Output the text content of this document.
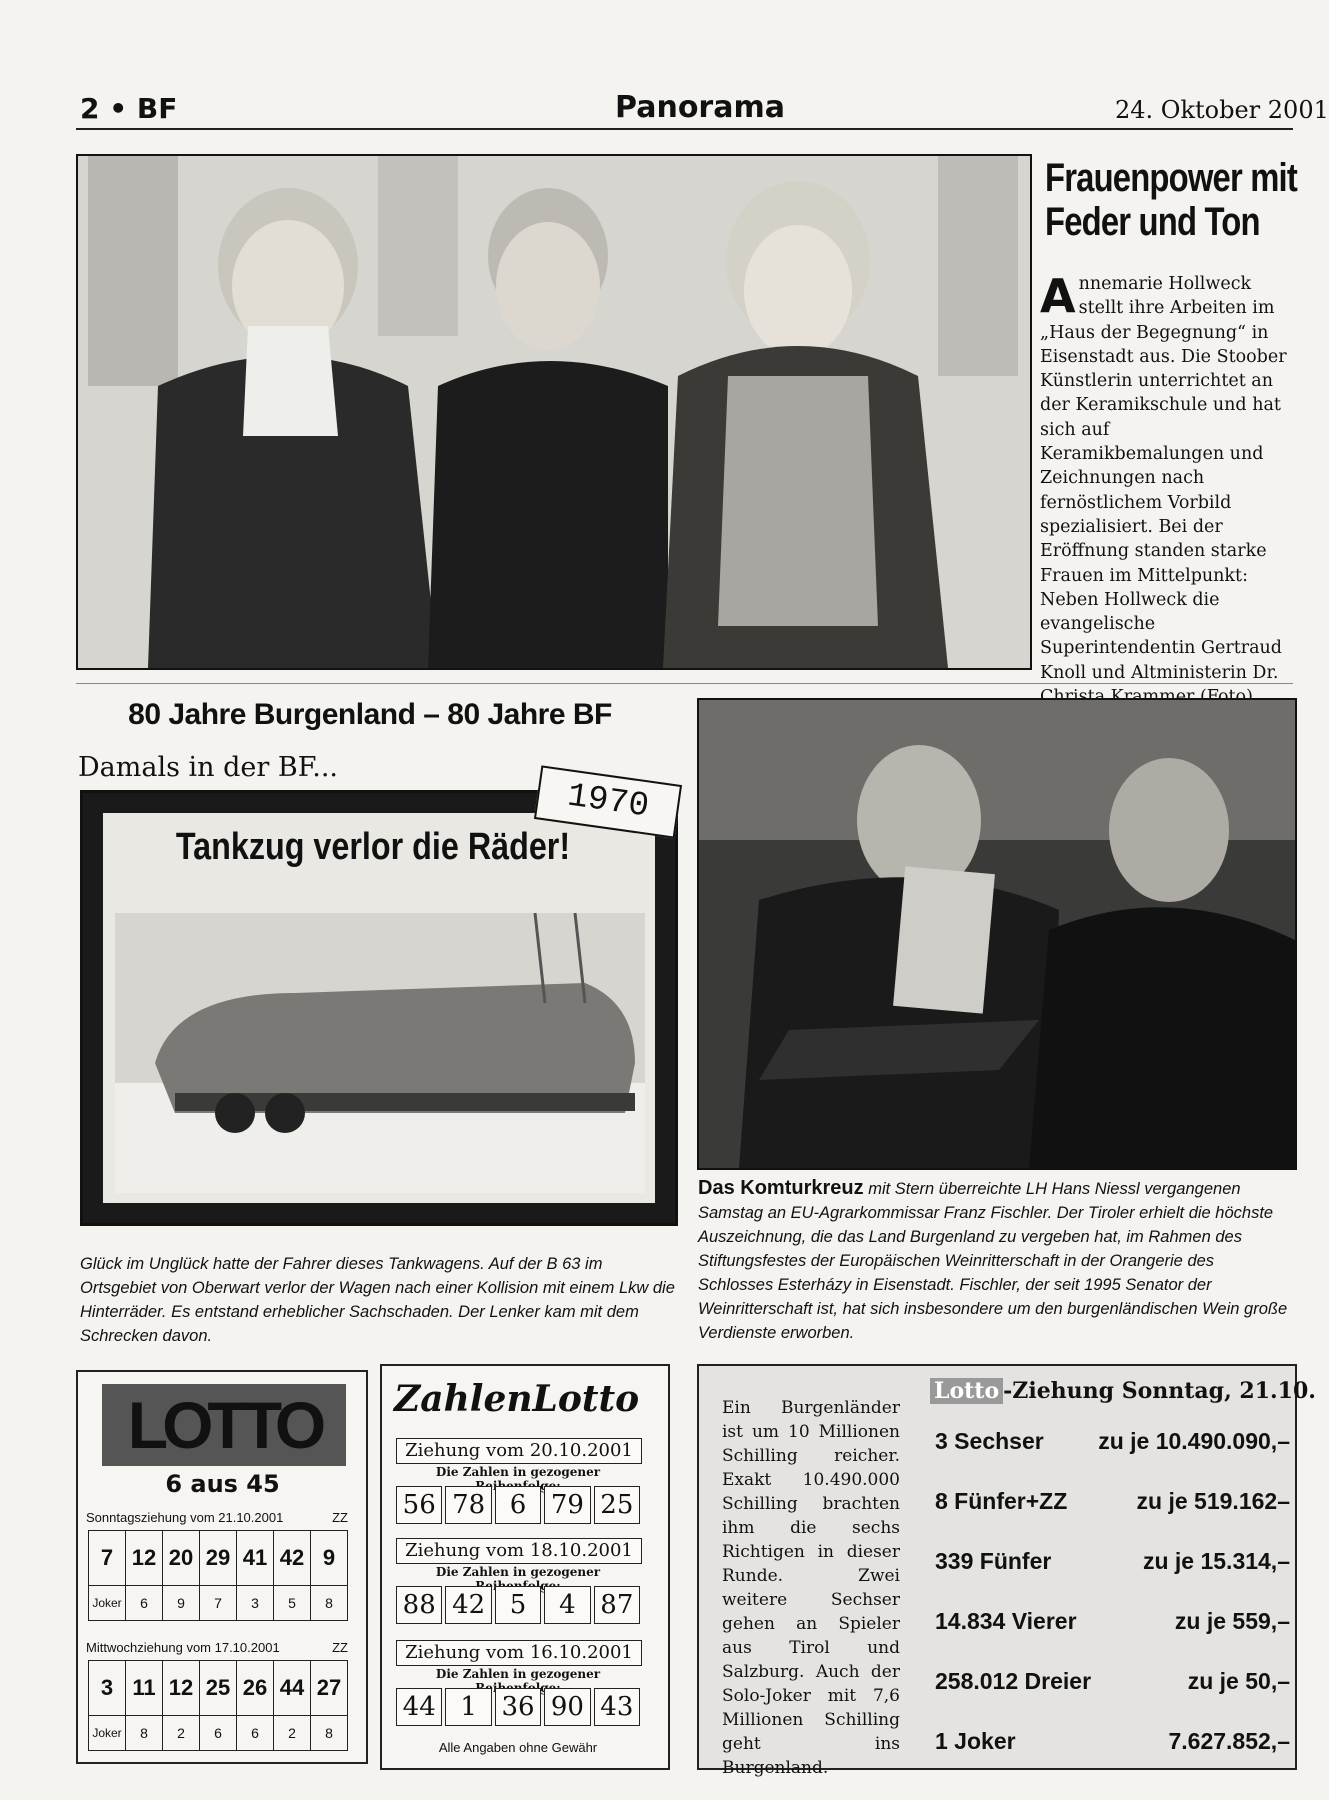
2 • BF	Panorama	24. Oktober 2001
Frauenpower mit
Feder und Ton
Annemarie Hollweck stellt ihre Arbeiten im „Haus der Begegnung“ in Eisenstadt aus. Die Stoober Künstlerin unterrichtet an der Keramikschule und hat sich auf Keramikbemalungen und Zeichnungen nach fernöstlichem Vorbild spezialisiert. Bei der Eröffnung standen starke Frauen im Mittelpunkt: Neben Hollweck die evangelische Superintendentin Gertraud Knoll und Altministerin Dr.
80 Jahre Burgenland – 80 Jahre BF
Damals in der BF...
Tankzug verlor die Räder!
1970
Glück im Unglück hatte der Fahrer dieses Tankwagens. Auf der B 63 im Ortsgebiet von Oberwart verlor der Wagen nach einer Kollision mit einem Lkw die Hinterräder. Es entstand erheblicher Sachschaden. Der Lenker kam mit dem Schrecken davon.
Das Komturkreuz mit Stern überreichte LH Hans Niessl vergangenen Samstag an EU-Agrarkommissar Franz Fischler. Der Tiroler erhielt die höchste Auszeichnung, die das Land Burgenland zu vergeben hat, im Rahmen des Stiftungsfestes der Europäischen Weinritterschaft in der Orangerie des Schlosses Esterházy in Eisenstadt. Fischler, der seit 1995 Senator der Weinritterschaft ist, hat sich insbesondere um den burgenländischen Wein große Verdienste erworben.
LOTTO
6 aus 45
Sonntagsziehung vom 21.10.2001	ZZ
7	12	20	29	41	42	9
Joker	6	9	7	3	5	8
Mittwochziehung vom 17.10.2001	ZZ
3	11	12	25	26	44	27
Joker	8	2	6	6	2	8
ZahlenLotto
Ziehung vom 20.10.2001
Die Zahlen in gezogener
56 78 6 79 25
Ziehung vom 18.10.2001
Die Zahlen in gezogener
88 42 5	4 87
Ziehung vom 16.10.2001
Die Zahlen in gezogener
44 1 36 90 43
Alle Angaben ohne Gewähr
Lotto -Ziehung Sonntag, 21.10.
Ein Burgenländer ist um 10 Millionen Schilling reicher. Exakt 10.490.000 Schilling brachten ihm die sechs Richtigen in dieser Runde. Zwei weitere Sechser gehen an Spieler aus Tirol und Salzburg. Auch der Solo-Joker mit 7,6 Millionen Schilling geht ins Burgenland.
3 Sechser zu je 10.490.090,–
8 Fünfer+ZZ	zu je 519.162–
339 Fünfer	zu je 15.314,–
14.834 Vierer	zu je 559,–
258.012 Dreier	zu je 50,–
1 Joker	7.627.852,–
